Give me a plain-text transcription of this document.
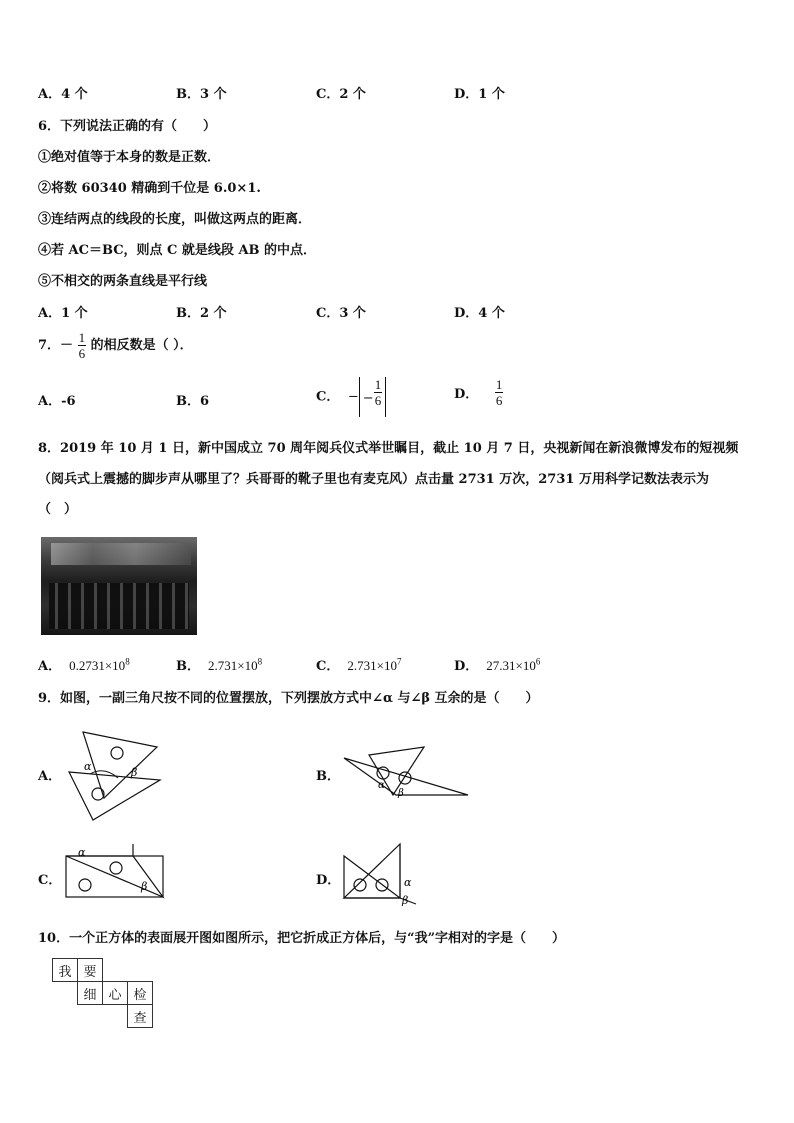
A．4 个	B．3 个	C．2 个	D．1 个
6．下列说法正确的有（　　）
①绝对值等于本身的数是正数．
②将数 60340 精确到千位是 6.0×1.
③连结两点的线段的长度，叫做这两点的距离．
④若 AC＝BC，则点 C 就是线段 AB 的中点．
⑤不相交的两条直线是平行线
A．1 个	B．2 个	C．3 个	D．4 个
7．－ $\frac{1}{6}$ 的相反数是（ ）．
A．-6	B．6	C． − − $\frac{1}{6}$	D． $\frac{1}{6}$
8．2019 年 10 月 1 日，新中国成立 70 周年阅兵仪式举世瞩目，截止 10 月 7 日，央视新闻在新浪微博发布的短视频
（阅兵式上震撼的脚步声从哪里了？兵哥哥的靴子里也有麦克风）点击量 2731 万次，2731 万用科学记数法表示为
（　）
A． $0.2731\times 10^8$	B． $2.731\times 10^8$	C． $2.731\times 10^7$	D． $27.31\times 10^6$
9．如图，一副三角尺按不同的位置摆放，下列摆放方式中∠α 与∠β 互余的是（　　）
A．
α	β	B．
α
β
C．
α
β	D．	α
β
10．一个正方体的表面展开图如图所示，把它折成正方体后，与“我”字相对的字是（　　）
我 要
细 心 检
查
